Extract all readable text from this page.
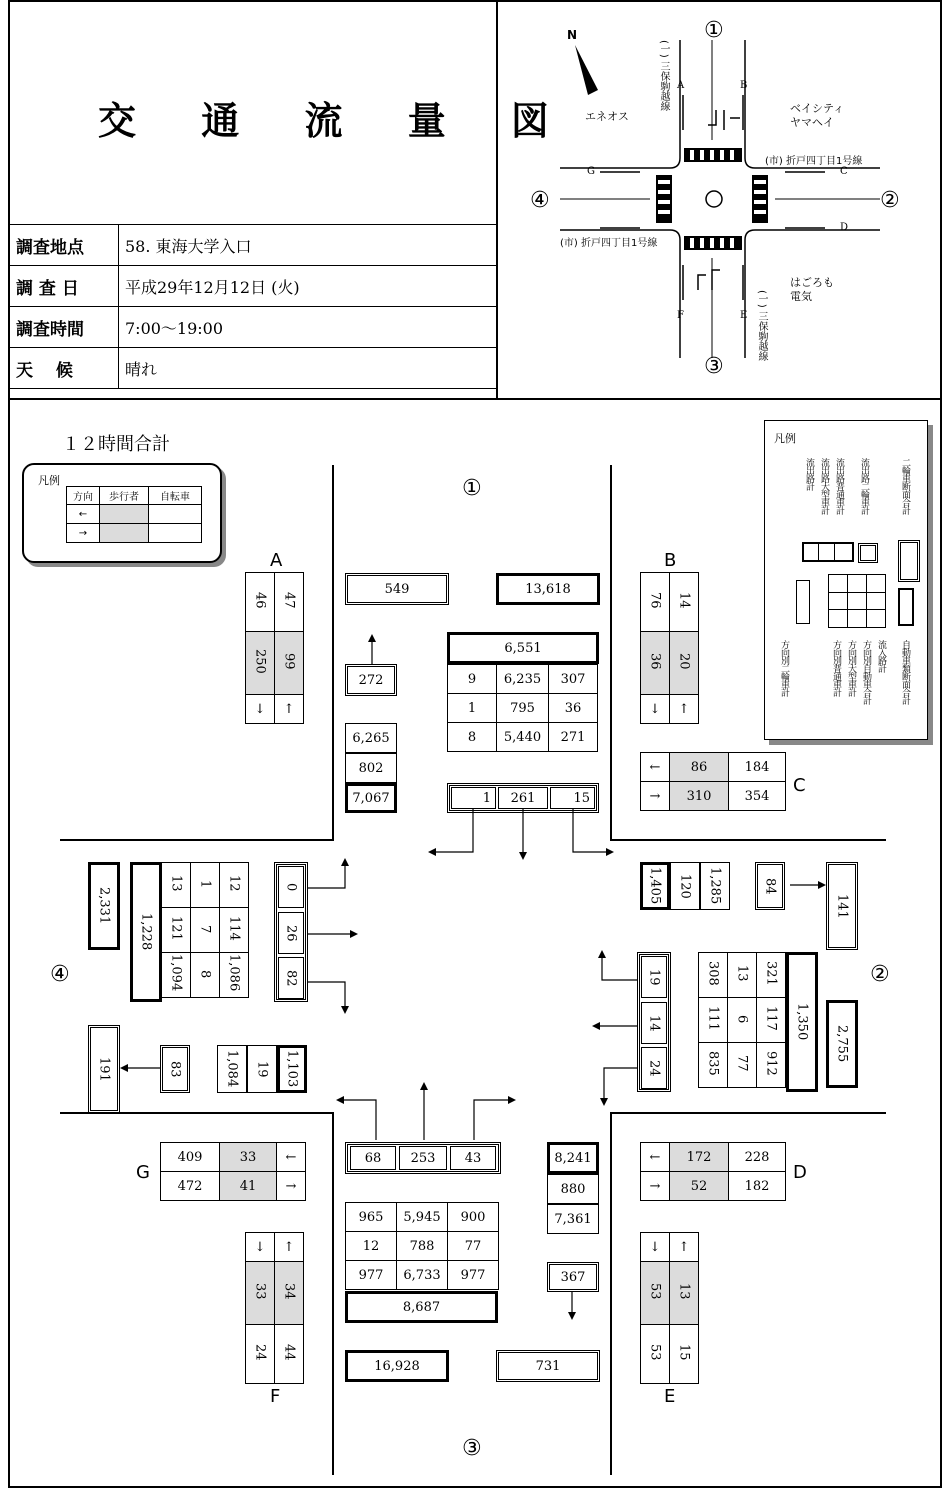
交 通 流 量 図
調査地点	58. 東海大学入口
調 査 日	平成29年12月12日 (火)
調査時間	7:00～19:00
天　 候	晴れ
①
②
③
④
N
エネオス
ベイシティ
ヤマヘイ
(市) 折戸四丁目1号線
(市) 折戸四丁目1号線
はごろも
電気
(一) 三保駒越線
(一) 三保駒越線
A	B
C
D
E
F
G
１２時間合計
凡例
方向	歩行者	自転車
←		
→		
凡例
流出路計 流出路大型車計 流出路普通車計 流出路二輪車計	二輪車断面合計
方向別二輪車計	方向別普通車計 方向別大型車計 方向別自動車合計 流入路計 自動車類断面合計
①
②
③
④
A	B
C
D
E
F
G
46	47
250	99
↓	↑
76	14
36	20
↓	↑
←	86	184
→	310	354
←	172	228
→	52	182
409	33	←
472	41	→
↓	↑
53	13
53	15
↓	↑
33	34
24	44
549	13,618
6,551
9	6,235	307
1	795	36
8	5,440	271
272
6,265
802
7,067	1	261	15
68	253	43
965	5,945	900
12	788	77
977	6,733	977
8,687
8,241
880
7,361
367
16,928	731
2,331
1,228
13	1	12
121	7	114
1,094	8	1,086
0
26
82
191	83	1,084 19 1,103
1,405 120 1,285	84
141
19
14
24
308	13	321
111	6	117
835	77	912
1,350
2,755
